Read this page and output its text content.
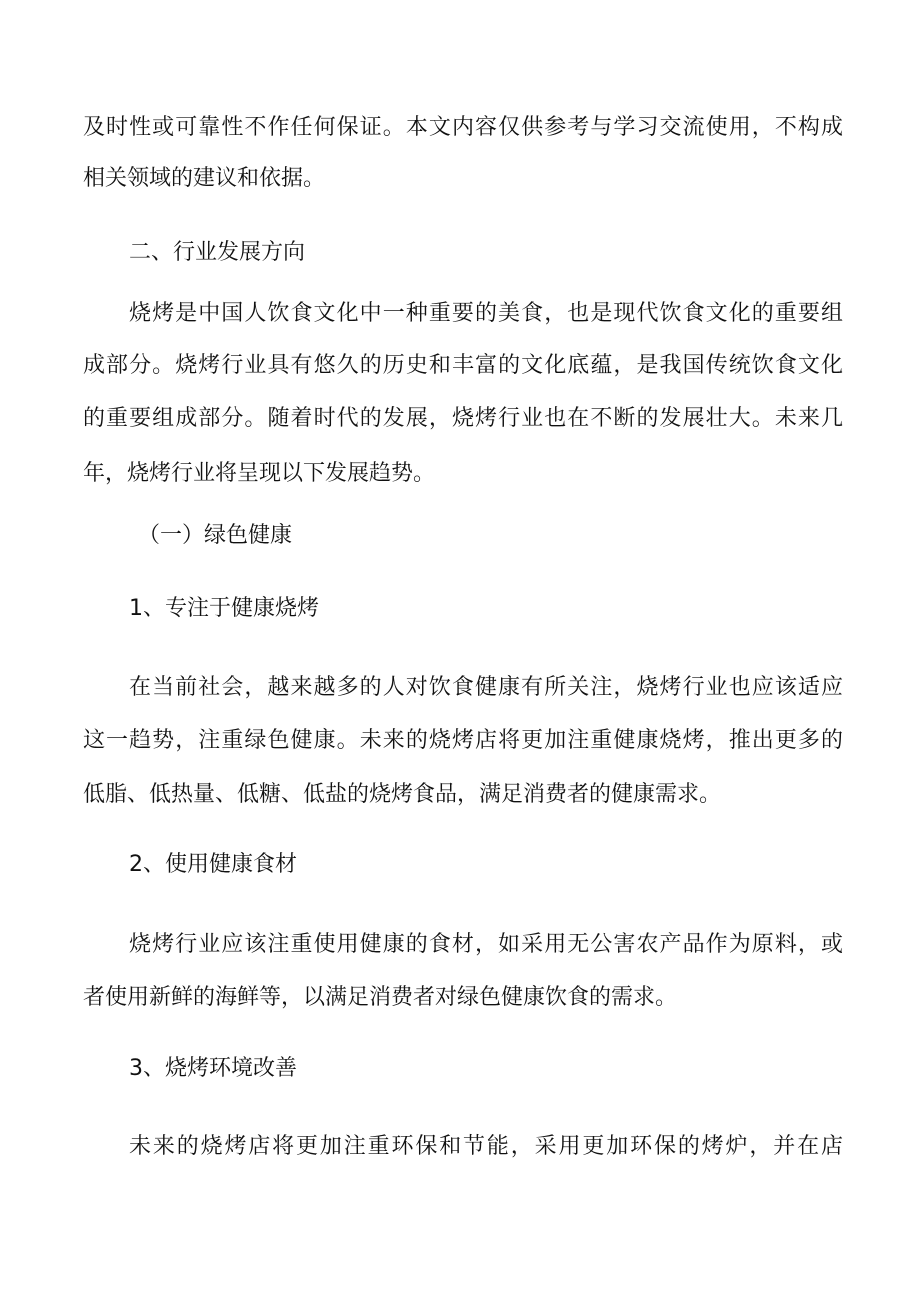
及时性或可靠性不作任何保证。本文内容仅供参考与学习交流使用，不构成
相关领域的建议和依据。
二、行业发展方向
烧烤是中国人饮食文化中一种重要的美食，也是现代饮食文化的重要组
成部分。烧烤行业具有悠久的历史和丰富的文化底蕴，是我国传统饮食文化
的重要组成部分。随着时代的发展，烧烤行业也在不断的发展壮大。未来几
年，烧烤行业将呈现以下发展趋势。
（一）绿色健康
1、专注于健康烧烤
在当前社会，越来越多的人对饮食健康有所关注，烧烤行业也应该适应
这一趋势，注重绿色健康。未来的烧烤店将更加注重健康烧烤，推出更多的
低脂、低热量、低糖、低盐的烧烤食品，满足消费者的健康需求。
2、使用健康食材
烧烤行业应该注重使用健康的食材，如采用无公害农产品作为原料，或
者使用新鲜的海鲜等，以满足消费者对绿色健康饮食的需求。
3、烧烤环境改善
未来的烧烤店将更加注重环保和节能，采用更加环保的烤炉，并在店
